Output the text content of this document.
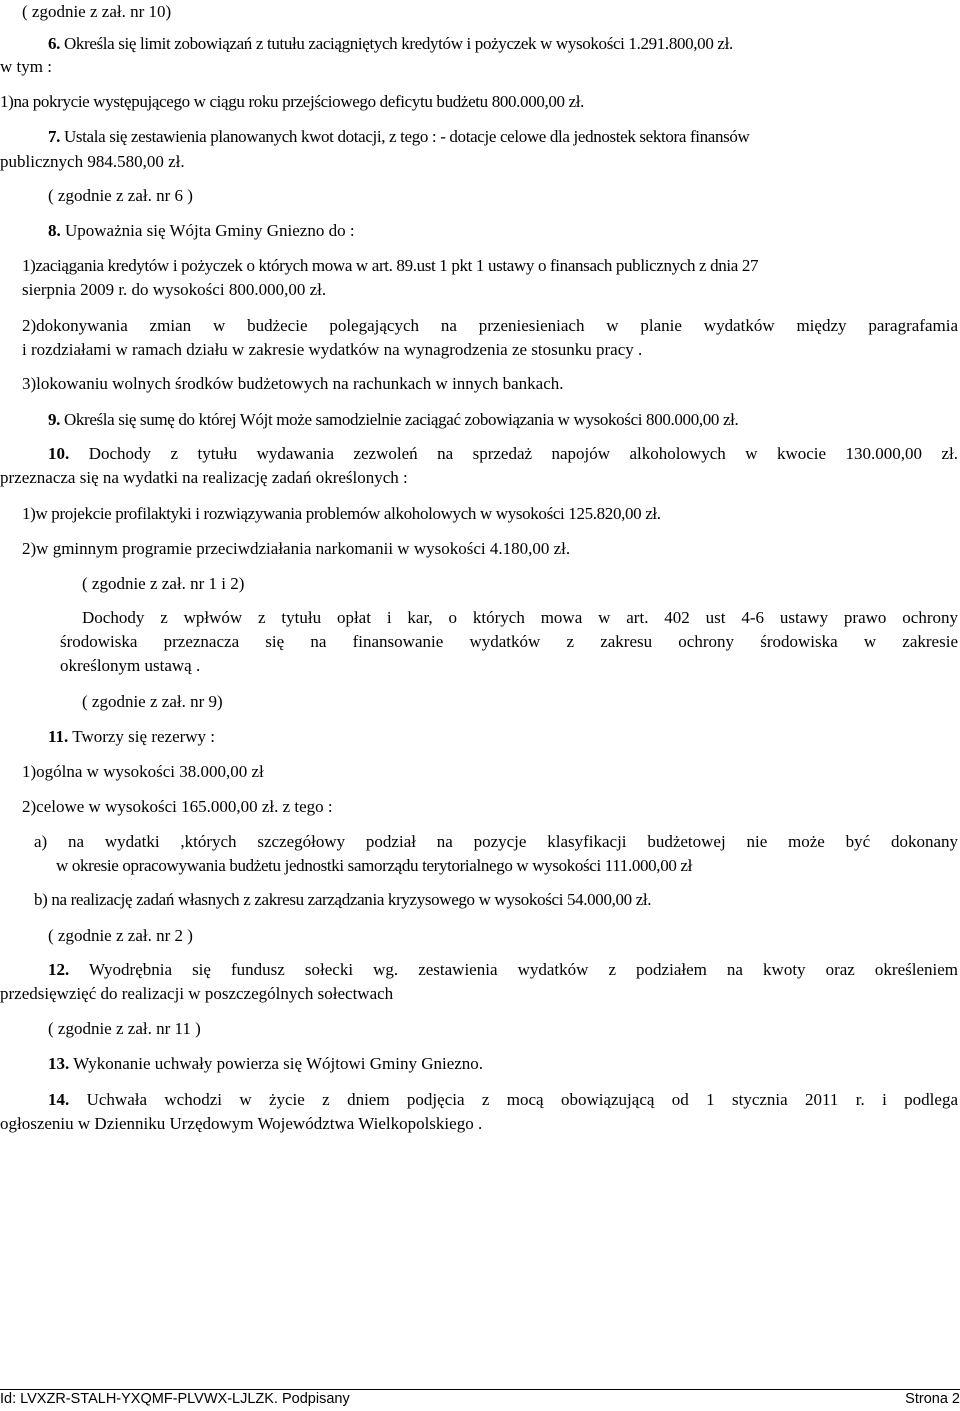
( zgodnie z zał. nr 10)
6. Określa się limit zobowiązań z tutułu zaciągniętych kredytów i pożyczek w wysokości 1.291.800,00 zł.
w tym :
1)na pokrycie występującego w ciągu roku przejściowego deficytu budżetu 800.000,00 zł.
7. Ustala się zestawienia planowanych kwot dotacji, z tego : - dotacje celowe dla jednostek sektora finansów
publicznych 984.580,00 zł.
( zgodnie z zał. nr 6 )
8. Upoważnia się Wójta Gminy Gniezno do :
1)zaciągania kredytów i pożyczek o których mowa w art. 89.ust 1 pkt 1 ustawy o finansach publicznych z dnia 27
sierpnia 2009 r. do wysokości 800.000,00 zł.
2)dokonywania zmian w budżecie polegających na przeniesieniach w planie wydatków między paragrafamia
i rozdziałami w ramach działu w zakresie wydatków na wynagrodzenia ze stosunku pracy .
3)lokowaniu wolnych środków budżetowych na rachunkach w innych bankach.
9. Określa się sumę do której Wójt może samodzielnie zaciągać zobowiązania w wysokości 800.000,00 zł.
10. Dochody z tytułu wydawania zezwoleń na sprzedaż napojów alkoholowych w kwocie 130.000,00 zł.
przeznacza się na wydatki na realizację zadań określonych :
1)w projekcie profilaktyki i rozwiązywania problemów alkoholowych w wysokości 125.820,00 zł.
2)w gminnym programie przeciwdziałania narkomanii w wysokości 4.180,00 zł.
( zgodnie z zał. nr 1 i 2)
Dochody z wpłwów z tytułu opłat i kar, o których mowa w art. 402 ust 4-6 ustawy prawo ochrony
środowiska przeznacza się na finansowanie wydatków z zakresu ochrony środowiska w zakresie
określonym ustawą .
( zgodnie z zał. nr 9)
11. Tworzy się rezerwy :
1)ogólna w wysokości 38.000,00 zł
2)celowe w wysokości 165.000,00 zł. z tego :
a) na wydatki ,których szczegółowy podział na pozycje klasyfikacji budżetowej nie może być dokonany
w okresie opracowywania budżetu jednostki samorządu terytorialnego w wysokości 111.000,00 zł
b) na realizację zadań własnych z zakresu zarządzania kryzysowego w wysokości 54.000,00 zł.
( zgodnie z zał. nr 2 )
12. Wyodrębnia się fundusz sołecki wg. zestawienia wydatków z podziałem na kwoty oraz określeniem
przedsięwzięć do realizacji w poszczególnych sołectwach
( zgodnie z zał. nr 11 )
13. Wykonanie uchwały powierza się Wójtowi Gminy Gniezno.
14. Uchwała wchodzi w życie z dniem podjęcia z mocą obowiązującą od 1 stycznia 2011 r. i podlega
ogłoszeniu w Dzienniku Urzędowym Województwa Wielkopolskiego .
Id: LVXZR-STALH-YXQMF-PLVWX-LJLZK. Podpisany	Strona 2
